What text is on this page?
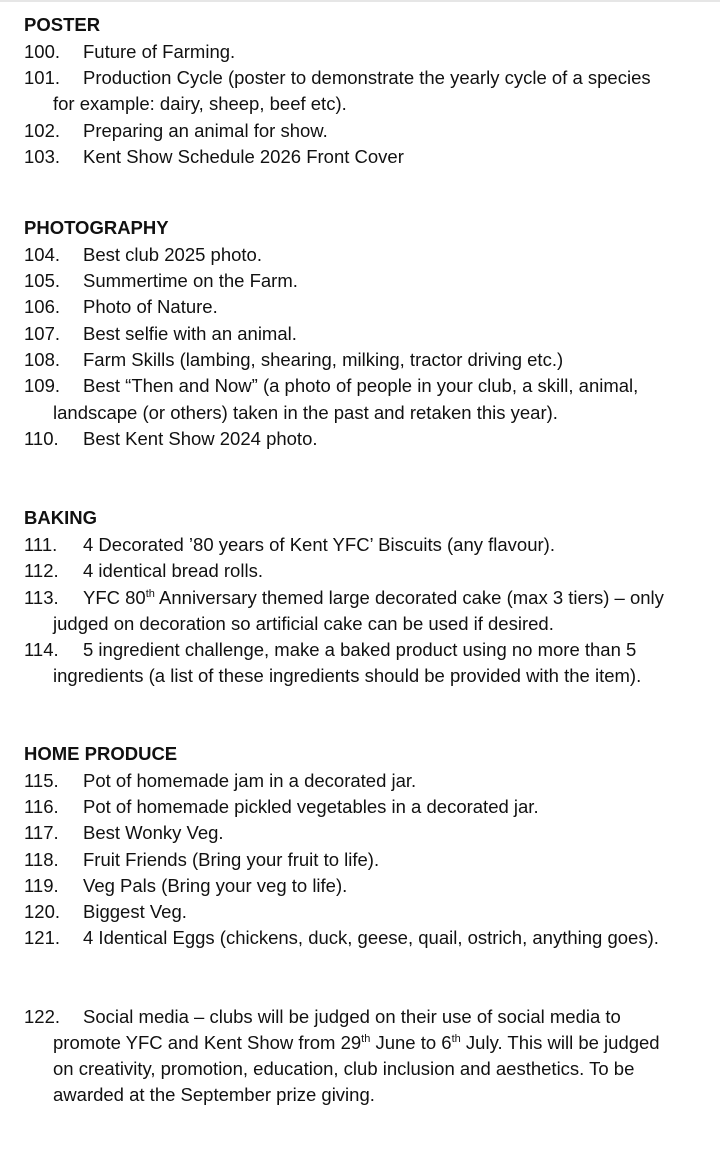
POSTER
100. Future of Farming.
101. Production Cycle (poster to demonstrate the yearly cycle of a species
for example: dairy, sheep, beef etc).
102. Preparing an animal for show.
103. Kent Show Schedule 2026 Front Cover
PHOTOGRAPHY
104. Best club 2025 photo.
105. Summertime on the Farm.
106. Photo of Nature.
107. Best selfie with an animal.
108. Farm Skills (lambing, shearing, milking, tractor driving etc.)
109. Best “Then and Now” (a photo of people in your club, a skill, animal,
landscape (or others) taken in the past and retaken this year).
110. Best Kent Show 2024 photo.
BAKING
111. 4 Decorated ’80 years of Kent YFC’ Biscuits (any flavour).
112. 4 identical bread rolls.
113. YFC 80th Anniversary themed large decorated cake (max 3 tiers) – only
judged on decoration so artificial cake can be used if desired.
114. 5 ingredient challenge, make a baked product using no more than 5
ingredients (a list of these ingredients should be provided with the item).
HOME PRODUCE
115. Pot of homemade jam in a decorated jar.
116. Pot of homemade pickled vegetables in a decorated jar.
117. Best Wonky Veg.
118. Fruit Friends (Bring your fruit to life).
119. Veg Pals (Bring your veg to life).
120. Biggest Veg.
121. 4 Identical Eggs (chickens, duck, geese, quail, ostrich, anything goes).
122. Social media – clubs will be judged on their use of social media to
promote YFC and Kent Show from 29th June to 6th July. This will be judged
on creativity, promotion, education, club inclusion and aesthetics. To be
awarded at the September prize giving.
